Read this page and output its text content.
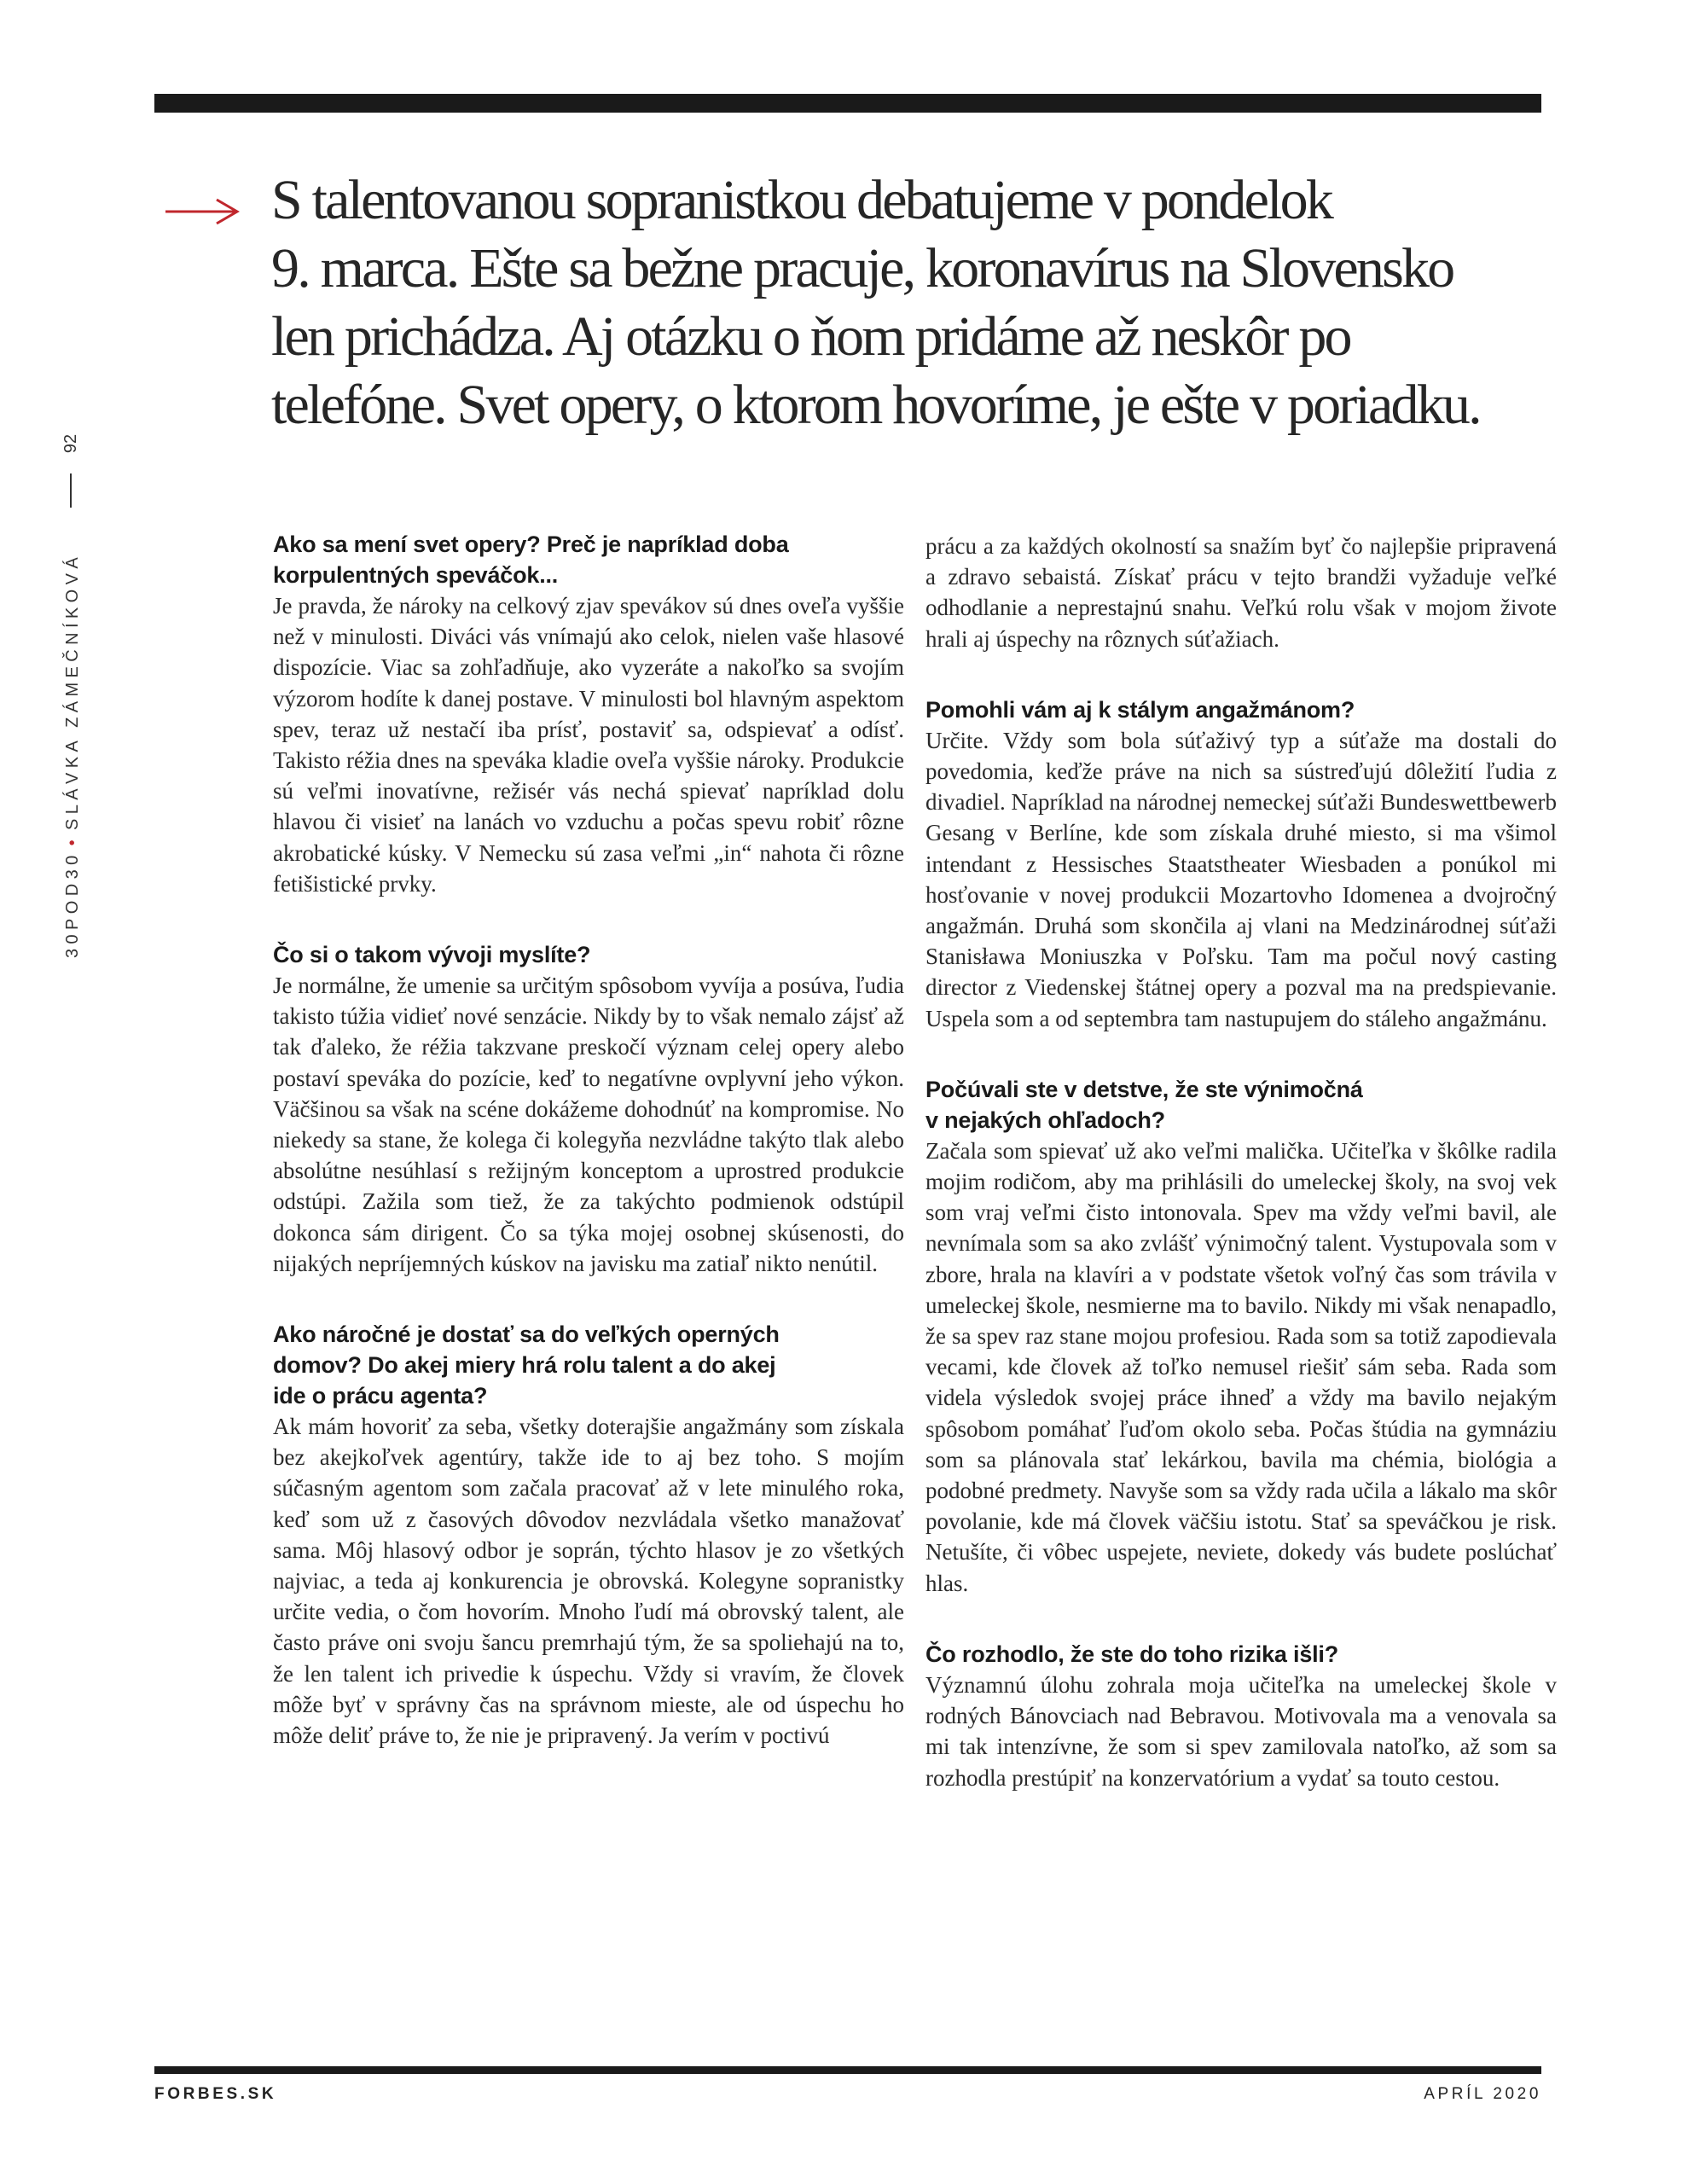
S talentovanou sopranistkou debatujeme v pondelok
9. marca. Ešte sa bežne pracuje, koronavírus na Slovensko
len prichádza. Aj otázku o ňom pridáme až neskôr po
telefóne. Svet opery, o ktorom hovoríme, je ešte v poriadku.
92
30POD30•SLÁVKA ZÁMEČNÍKOVÁ

Ako sa mení svet opery? Preč je napríklad doba
korpulentných speváčok...

Je pravda, že nároky na celkový zjav spevákov sú dnes oveľa vyššie než v minulosti. Diváci vás vnímajú ako celok, nielen vaše hlasové dispozície. Viac sa zohľadňuje, ako vyzeráte a nakoľko sa svojím výzorom hodíte k danej postave. V minulosti bol hlavným aspektom spev, teraz už nestačí iba prísť, postaviť sa, odspievať a odísť. Takisto réžia dnes na speváka kladie oveľa vyššie nároky. Produkcie sú veľmi inovatívne, režisér vás nechá spievať napríklad dolu hlavou či visieť na lanách vo vzduchu a počas spevu robiť rôzne akrobatické kúsky. V Nemecku sú zasa veľmi „in“ nahota či rôzne fetišistické prvky.

Čo si o takom vývoji myslíte?

Je normálne, že umenie sa určitým spôsobom vyvíja a posúva, ľudia takisto túžia vidieť nové senzácie. Nikdy by to však nemalo zájsť až tak ďaleko, že réžia takzvane preskočí význam celej opery alebo postaví speváka do pozície, keď to negatívne ovplyvní jeho výkon. Väčšinou sa však na scéne dokážeme dohodnúť na kompromise. No niekedy sa stane, že kolega či kolegyňa nezvládne takýto tlak alebo absolútne nesúhlasí s režijným konceptom a uprostred produkcie odstúpi. Zažila som tiež, že za takýchto podmienok odstúpil dokonca sám dirigent. Čo sa týka mojej osobnej skúsenosti, do nijakých nepríjemných kúskov na javisku ma zatiaľ nikto nenútil.

Ako náročné je dostať sa do veľkých operných
domov? Do akej miery hrá rolu talent a do akej
ide o prácu agenta?

Ak mám hovoriť za seba, všetky doterajšie angažmány som získala bez akejkoľvek agentúry, takže ide to aj bez toho. S mojím súčasným agentom som začala pracovať až v lete minulého roka, keď som už z časových dôvodov nezvládala všetko manažovať sama. Môj hlasový odbor je soprán, týchto hlasov je zo všetkých najviac, a teda aj konkurencia je obrovská. Kolegyne sopranistky určite vedia, o čom hovorím. Mnoho ľudí má obrovský talent, ale často práve oni svoju šancu premrhajú tým, že sa spoliehajú na to, že len talent ich privedie k úspechu. Vždy si vravím, že človek môže byť v správny čas na správnom mieste, ale od úspechu ho môže deliť práve to, že nie je pripravený. Ja verím v poctivú

prácu a za každých okolností sa snažím byť čo najlepšie pripravená a zdravo sebaistá. Získať prácu v tejto brandži vyžaduje veľké odhodlanie a neprestajnú snahu. Veľkú rolu však v mojom živote hrali aj úspechy na rôznych súťažiach.

Pomohli vám aj k stálym angažmánom?

Určite. Vždy som bola súťaživý typ a súťaže ma dostali do povedomia, keďže práve na nich sa sústreďujú dôležití ľudia z divadiel. Napríklad na národnej nemeckej súťaži Bundeswettbewerb Gesang v Berlíne, kde som získala druhé miesto, si ma všimol intendant z Hessisches Staatstheater Wiesbaden a ponúkol mi hosťovanie v novej produkcii Mozartovho Idomenea a dvojročný angažmán. Druhá som skončila aj vlani na Medzinárodnej súťaži Stanisława Moniuszka v Poľsku. Tam ma počul nový casting director z Viedenskej štátnej opery a pozval ma na predspievanie. Uspela som a od septembra tam nastupujem do stáleho angažmánu.

Počúvali ste v detstve, že ste výnimočná
v nejakých ohľadoch?

Začala som spievať už ako veľmi malička. Učiteľka v škôlke radila mojim rodičom, aby ma prihlásili do umeleckej školy, na svoj vek som vraj veľmi čisto intonovala. Spev ma vždy veľmi bavil, ale nevnímala som sa ako zvlášť výnimočný talent. Vystupovala som v zbore, hrala na klavíri a v podstate všetok voľný čas som trávila v umeleckej škole, nesmierne ma to bavilo. Nikdy mi však nenapadlo, že sa spev raz stane mojou profesiou. Rada som sa totiž zapodievala vecami, kde človek až toľko nemusel riešiť sám seba. Rada som videla výsledok svojej práce ihneď a vždy ma bavilo nejakým spôsobom pomáhať ľuďom okolo seba. Počas štúdia na gymnáziu som sa plánovala stať lekárkou, bavila ma chémia, biológia a podobné predmety. Navyše som sa vždy rada učila a lákalo ma skôr povolanie, kde má človek väčšiu istotu. Stať sa speváčkou je risk. Netušíte, či vôbec uspejete, neviete, dokedy vás budete poslúchať hlas.

Čo rozhodlo, že ste do toho rizika išli?

Významnú úlohu zohrala moja učiteľka na umeleckej škole v rodných Bánovciach nad Bebravou. Motivovala ma a venovala sa mi tak intenzívne, že som si spev zamilovala natoľko, až som sa rozhodla prestúpiť na konzervatórium a vydať sa touto cestou.

FORBES.SK	APRÍL 2020
